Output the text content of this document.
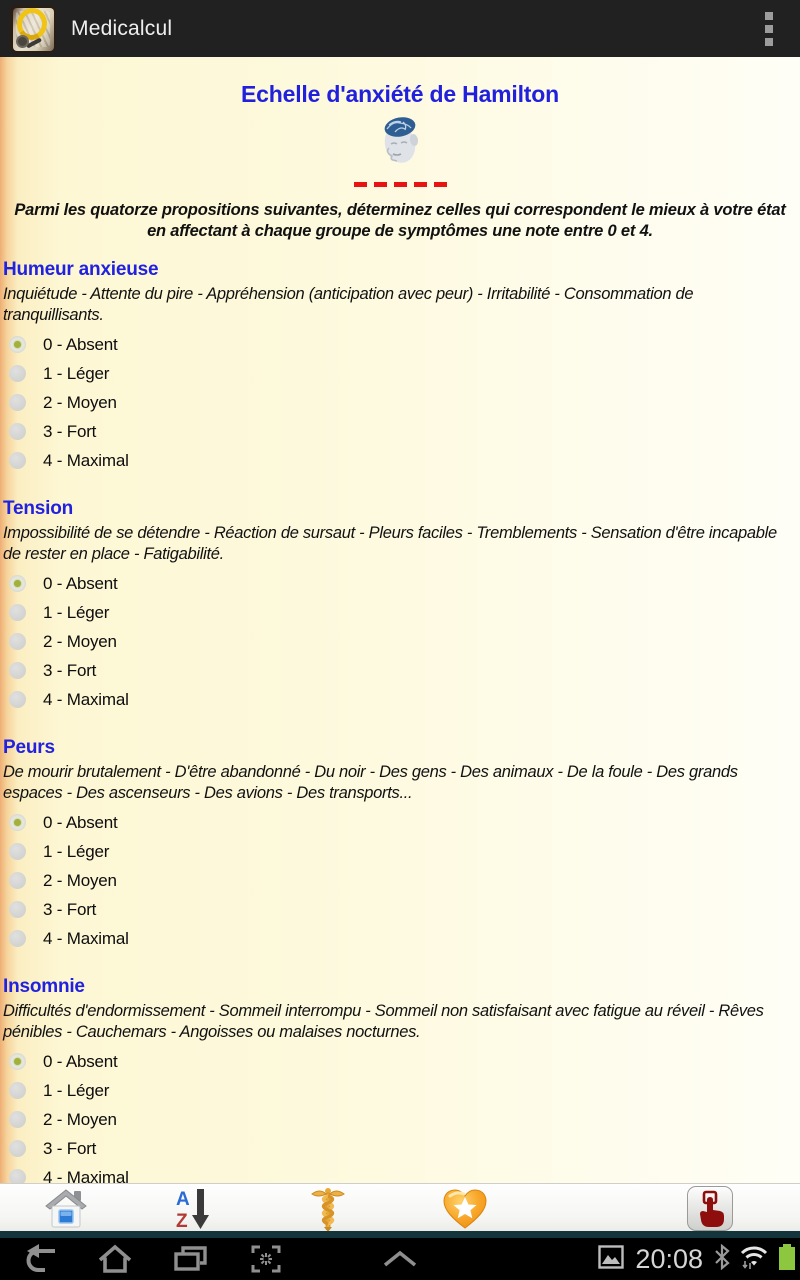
Medicalcul
Echelle d'anxiété de Hamilton

Parmi les quatorze propositions suivantes, déterminez celles qui correspondent le mieux à votre état en affectant à chaque groupe de symptômes une note entre 0 et 4.

Humeur anxieuse
Inquiétude - Attente du pire - Appréhension (anticipation avec peur) - Irritabilité - Consommation de tranquillisants.
0 - Absent
1 - Léger
2 - Moyen
3 - Fort
4 - Maximal
Tension
Impossibilité de se détendre - Réaction de sursaut - Pleurs faciles - Tremblements - Sensation d'être incapable de rester en place - Fatigabilité.
0 - Absent
1 - Léger
2 - Moyen
3 - Fort
4 - Maximal
Peurs
De mourir brutalement - D'être abandonné - Du noir - Des gens - Des animaux - De la foule - Des grands espaces - Des ascenseurs - Des avions - Des transports...
0 - Absent
1 - Léger
2 - Moyen
3 - Fort
4 - Maximal
Insomnie
Difficultés d'endormissement - Sommeil interrompu - Sommeil non satisfaisant avec fatigue au réveil - Rêves pénibles - Cauchemars - Angoisses ou malaises nocturnes.
0 - Absent
1 - Léger
2 - Moyen
3 - Fort
4 - Maximal
A
Z
20:08
